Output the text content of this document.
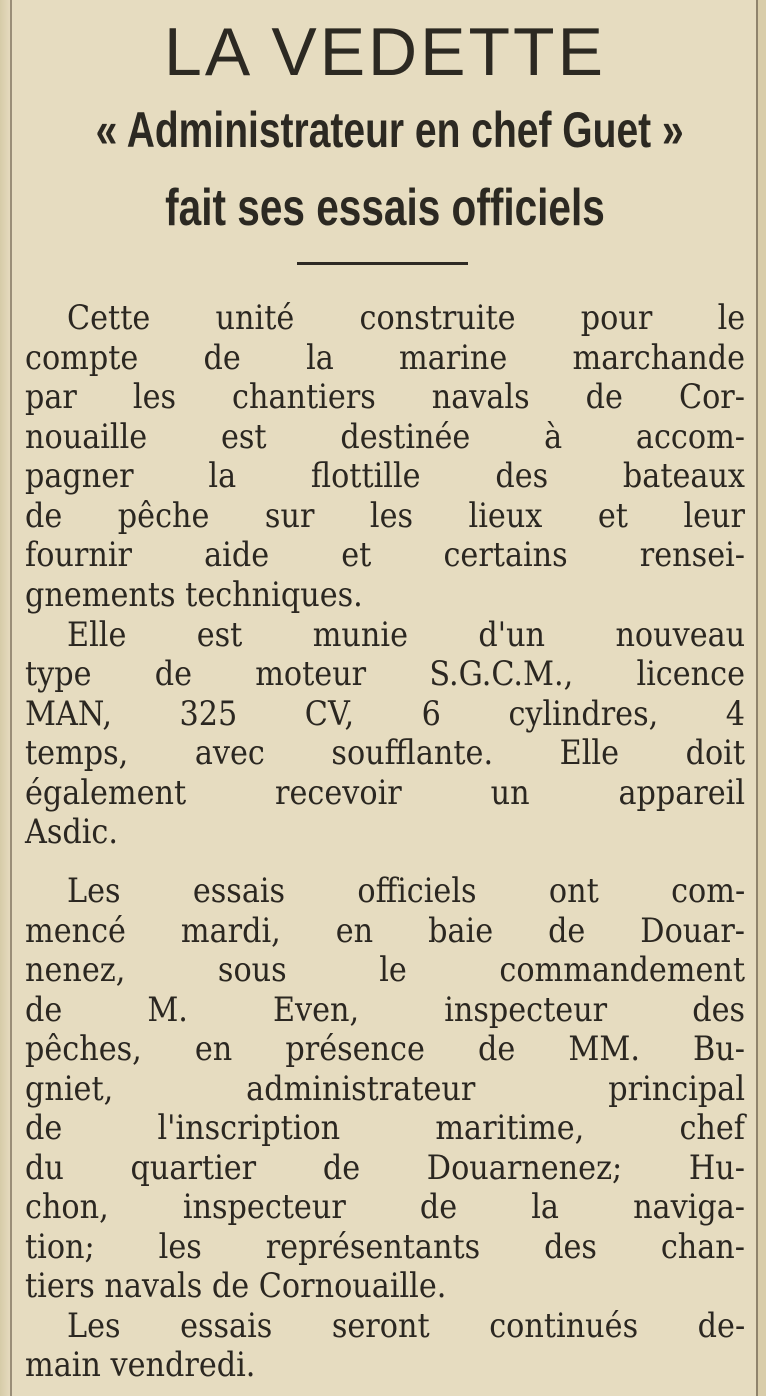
LA VEDETTE
« Administrateur en chef Guet »
fait ses essais officiels
Cette unité construite pour le
compte de la marine marchande
par les chantiers navals de Cor-
nouaille est destinée à accom-
pagner la flottille des bateaux
de pêche sur les lieux et leur
fournir aide et certains rensei-
gnements techniques.
Elle est munie d'un nouveau
type de moteur S.G.C.M., licence
MAN, 325 CV, 6 cylindres, 4
temps, avec soufflante. Elle doit
également recevoir un appareil
Asdic.
Les essais officiels ont com-
mencé mardi, en baie de Douar-
nenez, sous le commandement
de M. Even, inspecteur des
pêches, en présence de MM. Bu-
gniet, administrateur principal
de l'inscription maritime, chef
du quartier de Douarnenez; Hu-
chon, inspecteur de la naviga-
tion; les représentants des chan-
tiers navals de Cornouaille.
Les essais seront continués de-
main vendredi.
